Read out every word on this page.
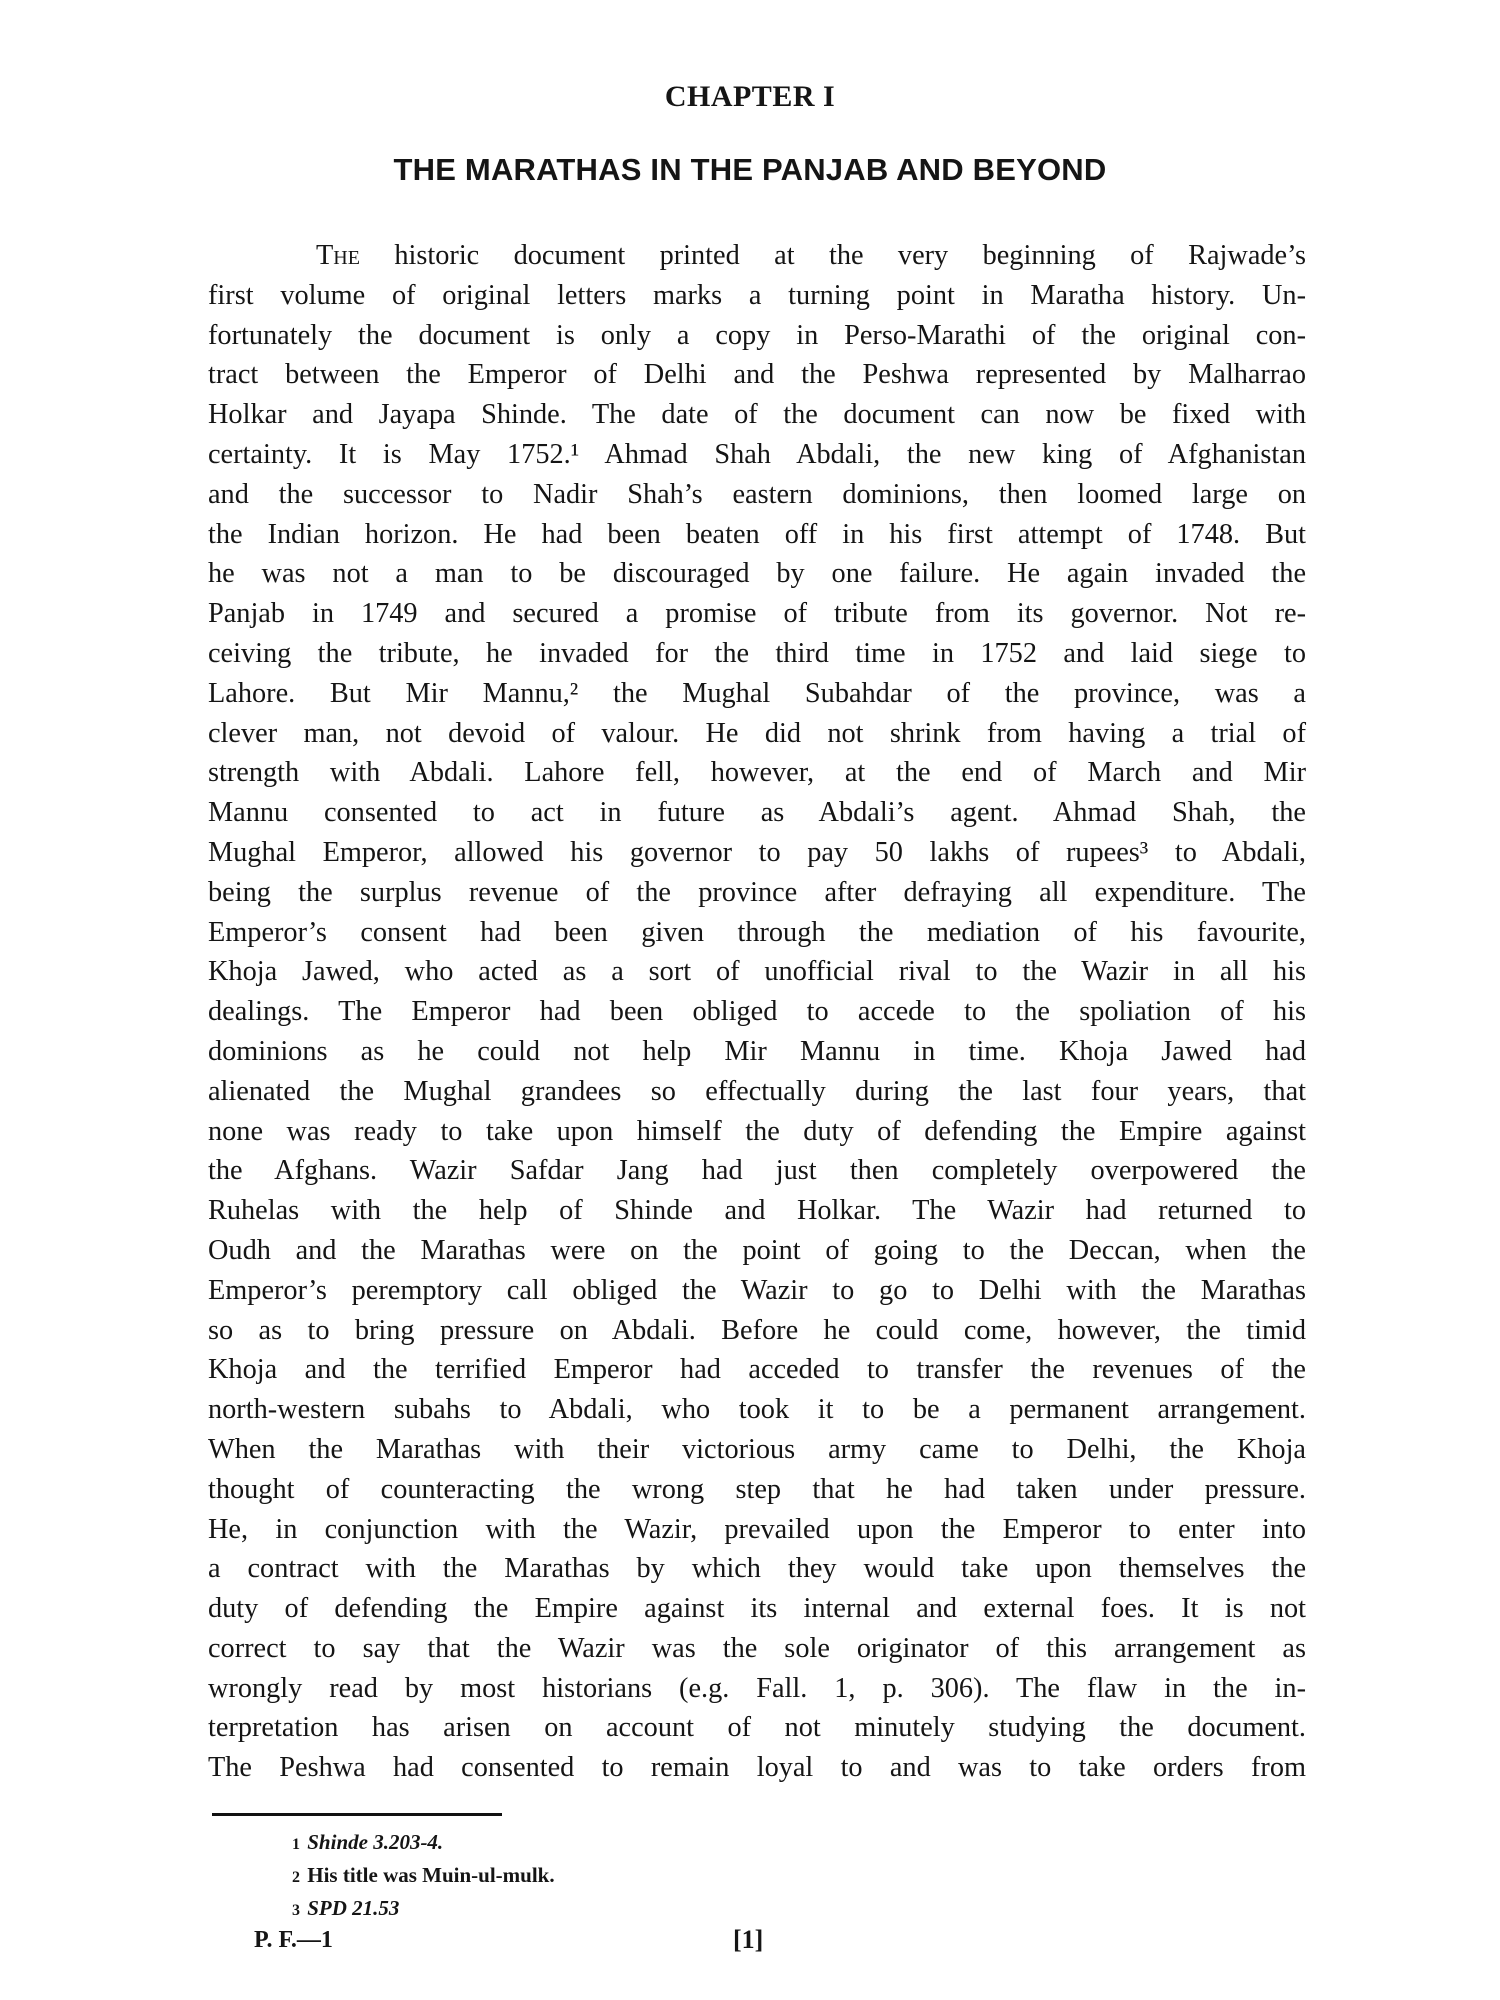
CHAPTER I
THE MARATHAS IN THE PANJAB AND BEYOND
The historic document printed at the very beginning of Rajwade’s
first volume of original letters marks a turning point in Maratha history. Un-
fortunately the document is only a copy in Perso-Marathi of the original con-
tract between the Emperor of Delhi and the Peshwa represented by Malharrao
Holkar and Jayapa Shinde. The date of the document can now be fixed with
certainty. It is May 1752.¹ Ahmad Shah Abdali, the new king of Afghanistan
and the successor to Nadir Shah’s eastern dominions, then loomed large on
the Indian horizon. He had been beaten off in his first attempt of 1748. But
he was not a man to be discouraged by one failure. He again invaded the
Panjab in 1749 and secured a promise of tribute from its governor. Not re-
ceiving the tribute, he invaded for the third time in 1752 and laid siege to
Lahore. But Mir Mannu,² the Mughal Subahdar of the province, was a
clever man, not devoid of valour. He did not shrink from having a trial of
strength with Abdali. Lahore fell, however, at the end of March and Mir
Mannu consented to act in future as Abdali’s agent. Ahmad Shah, the
Mughal Emperor, allowed his governor to pay 50 lakhs of rupees³ to Abdali,
being the surplus revenue of the province after defraying all expenditure. The
Emperor’s consent had been given through the mediation of his favourite,
Khoja Jawed, who acted as a sort of unofficial rival to the Wazir in all his
dealings. The Emperor had been obliged to accede to the spoliation of his
dominions as he could not help Mir Mannu in time. Khoja Jawed had
alienated the Mughal grandees so effectually during the last four years, that
none was ready to take upon himself the duty of defending the Empire against
the Afghans. Wazir Safdar Jang had just then completely overpowered the
Ruhelas with the help of Shinde and Holkar. The Wazir had returned to
Oudh and the Marathas were on the point of going to the Deccan, when the
Emperor’s peremptory call obliged the Wazir to go to Delhi with the Marathas
so as to bring pressure on Abdali. Before he could come, however, the timid
Khoja and the terrified Emperor had acceded to transfer the revenues of the
north-western subahs to Abdali, who took it to be a permanent arrangement.
When the Marathas with their victorious army came to Delhi, the Khoja
thought of counteracting the wrong step that he had taken under pressure.
He, in conjunction with the Wazir, prevailed upon the Emperor to enter into
a contract with the Marathas by which they would take upon themselves the
duty of defending the Empire against its internal and external foes. It is not
correct to say that the Wazir was the sole originator of this arrangement as
wrongly read by most historians (e.g. Fall. 1, p. 306). The flaw in the in-
terpretation has arisen on account of not minutely studying the document.
The Peshwa had consented to remain loyal to and was to take orders from
1 Shinde 3.203-4.
2 His title was Muin-ul-mulk.
3 SPD 21.53
P. F.—1	[1]
